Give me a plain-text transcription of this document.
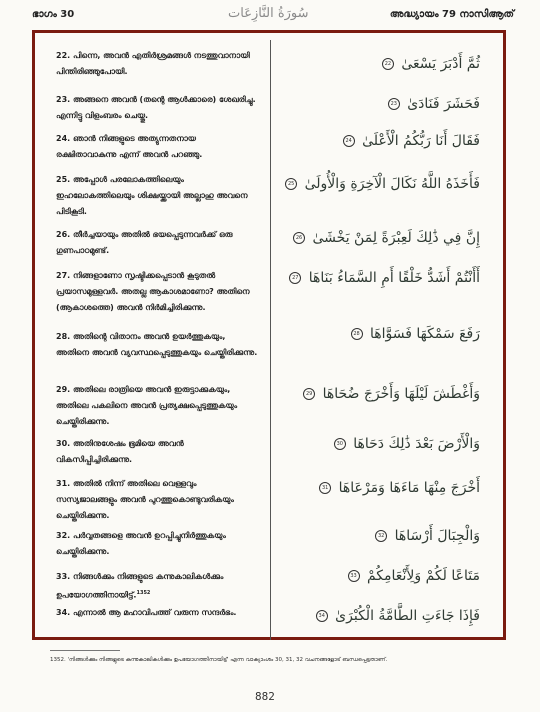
ഭാഗം 30	سُورَةُ النَّازِعَات	അദ്ധ്യായം 79 നാസിആത്
22. പിന്നെ, അവന്‍ എതിര്‍ശ്രമങ്ങള്‍ നടത്തുവാനായി പിന്തിരിഞ്ഞുപോയി.
23. അങ്ങനെ അവന്‍ (തന്റെ ആള്‍ക്കാരെ) ശേഖരിച്ചു. എന്നിട്ടു വിളംബരം ചെയ്തു.
24. ഞാന്‍ നിങ്ങളുടെ അത്യുന്നതനായ രക്ഷിതാവാകുന്നു എന്ന് അവന്‍ പറഞ്ഞു.
25. അപ്പോള്‍ പരലോകത്തിലെയും ഇഹലോകത്തിലെയും ശിക്ഷയ്ക്കായി അല്ലാഹു അവനെ പിടികൂടി.
26. തീര്‍ച്ചയായും അതില്‍ ഭയപ്പെടുന്നവര്‍ക്ക് ഒരു ഗുണപാഠമുണ്ട്.
27. നിങ്ങളാണോ സൃഷ്ടിക്കപ്പെടാന്‍ കൂടുതല്‍ പ്രയാസമുള്ളവര്‍. അതല്ല ആകാശമാണോ? അതിനെ (ആകാശത്തെ) അവന്‍ നിര്‍മിച്ചിരിക്കുന്നു.
28. അതിന്റെ വിതാനം അവന്‍ ഉയര്‍ത്തുകയും, അതിനെ അവന്‍ വ്യവസ്ഥപ്പെടുത്തുകയും ചെയ്തിരിക്കുന്നു.
29. അതിലെ രാത്രിയെ അവന്‍ ഇരുട്ടാക്കുകയും, അതിലെ പകലിനെ അവന്‍ പ്രത്യക്ഷപ്പെടുത്തുകയും ചെയ്തിരിക്കുന്നു.
30. അതിനുശേഷം ഭൂമിയെ അവന്‍ വികസിപ്പിച്ചിരിക്കുന്നു.
31. അതില്‍ നിന്ന് അതിലെ വെള്ളവും സസ്യജാലങ്ങളും അവന്‍ പുറത്തുകൊണ്ടുവരികയും ചെയ്തിരിക്കുന്നു.
32. പര്‍വ്വതങ്ങളെ അവന്‍ ഉറപ്പിച്ചുനിര്‍ത്തുകയും ചെയ്തിരിക്കുന്നു.
33. നിങ്ങള്‍ക്കും നിങ്ങളുടെ കന്നുകാലികള്‍ക്കും ഉപയോഗത്തിനായിട്ട്.$^{1352}$
34. എന്നാല്‍ ആ മഹാവിപത്ത് വരുന്ന സന്ദര്‍ഭം.
ثُمَّ أَدْبَرَ يَسْعَىٰ 22
فَحَشَرَ فَنَادَىٰ 23
فَقَالَ أَنَا رَبُّكُمُ الْأَعْلَىٰ 24
فَأَخَذَهُ اللَّهُ نَكَالَ الْآخِرَةِ وَالْأُولَىٰ 25
إِنَّ فِي ذَٰلِكَ لَعِبْرَةً لِمَنْ يَخْشَىٰ 26
أَأَنْتُمْ أَشَدُّ خَلْقًا أَمِ السَّمَاءُ بَنَاهَا 27
رَفَعَ سَمْكَهَا فَسَوَّاهَا 28
وَأَغْطَشَ لَيْلَهَا وَأَخْرَجَ ضُحَاهَا 29
وَالْأَرْضَ بَعْدَ ذَٰلِكَ دَحَاهَا 30
أَخْرَجَ مِنْهَا مَاءَهَا وَمَرْعَاهَا 31
وَالْجِبَالَ أَرْسَاهَا 32
مَتَاعًا لَكُمْ وَلِأَنْعَامِكُمْ 33
فَإِذَا جَاءَتِ الطَّامَّةُ الْكُبْرَىٰ 34
1352. 'നിങ്ങള്‍ക്കും നിങ്ങളുടെ കന്നുകാലികള്‍ക്കും ഉപയോഗത്തിനായിട്ട്' എന്ന വാക്യാംശം 30, 31, 32 വചനങ്ങളോട് ബന്ധപ്പെട്ടതാണ്.
882
